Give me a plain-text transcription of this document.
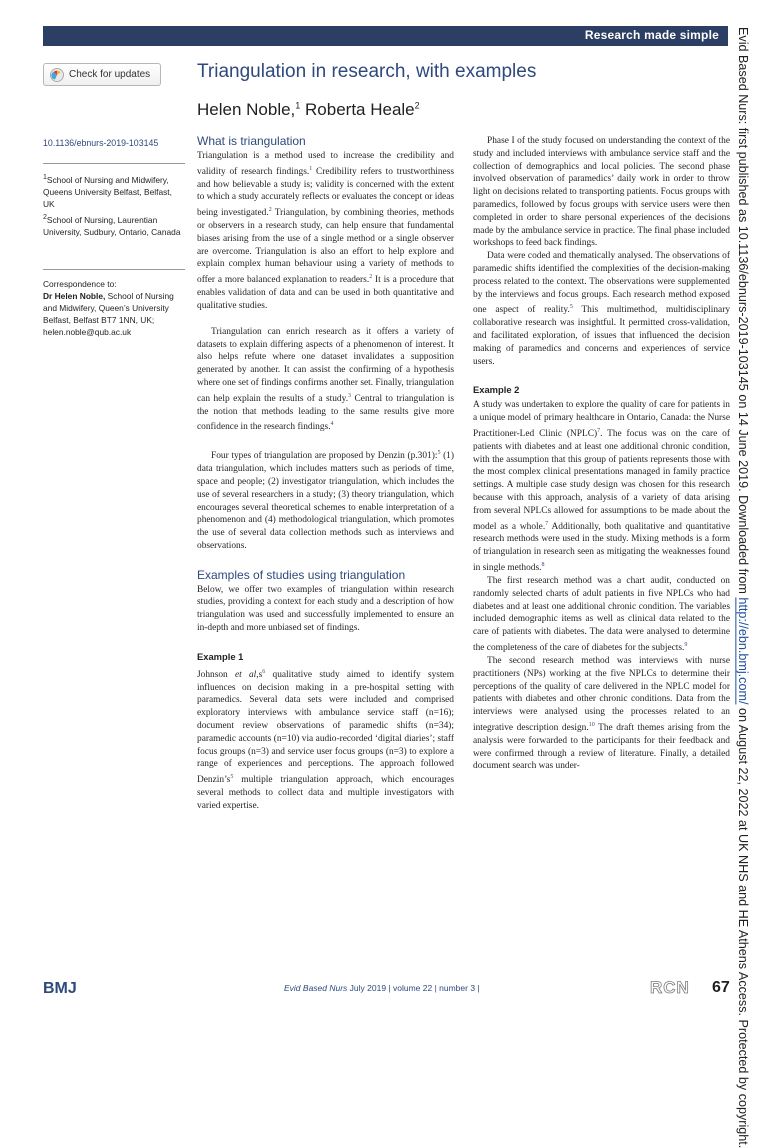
Research made simple
Check for updates Triangulation in research, with examples
Helen Noble,$^1$ Roberta Heale$^2$
10.1136/ebnurs-2019-103145

$^1$School of Nursing and Midwifery, Queens University Belfast, Belfast, UK

$^2$School of Nursing, Laurentian University, Sudbury, Ontario, Canada

Correspondence to:
Dr Helen Noble, School of Nursing and Midwifery, Queen’s University Belfast, Belfast BT7 1NN, UK; helen.noble@qub.ac.uk
What is triangulation

Triangulation is a method used to increase the credibility and validity of research findings.$^1$ Credibility refers to trustworthiness and how believable a study is; validity is concerned with the extent to which a study accurately reflects or evaluates the concept or ideas being investigated.$^2$ Triangulation, by combining theories, methods or observers in a research study, can help ensure that fundamental biases arising from the use of a single method or a single observer are overcome. Triangulation is also an effort to help explore and explain complex human behaviour using a variety of methods to offer a more balanced explanation to readers.$^2$ It is a procedure that enables validation of data and can be used in both quantitative and qualitative studies.

Triangulation can enrich research as it offers a variety of datasets to explain differing aspects of a phenomenon of interest. It also helps refute where one dataset invalidates a supposition generated by another. It can assist the confirming of a hypothesis where one set of findings confirms another set. Finally, triangulation can help explain the results of a study.$^3$ Central to triangulation is the notion that methods leading to the same results give more confidence in the research findings.$^4$

Four types of triangulation are proposed by Denzin (p.301):$^5$ (1) data triangulation, which includes matters such as periods of time, space and people; (2) investigator triangulation, which includes the use of several researchers in a study; (3) theory triangulation, which encourages several theoretical schemes to enable interpretation of a phenomenon and (4) methodological triangulation, which promotes the use of several data collection methods such as interviews and observations.

Examples of studies using triangulation

Below, we offer two examples of triangulation within research studies, providing a context for each study and a description of how triangulation was used and successfully implemented to ensure an in-depth and more unbiased set of findings.

Example 1

Johnson et $al,s^6$ qualitative study aimed to identify system influences on decision making in a pre-hospital setting with paramedics. Several data sets were included and comprised exploratory interviews with ambulance service staff (n=16); document review observations of paramedic shifts (n=34); paramedic accounts (n=10) via audio-recorded ‘digital diaries’; staff focus groups (n=3) and service user focus groups (n=3) to explore a range of experiences and perceptions. The approach followed $Denzin’s^5$ multiple triangulation approach, which encourages several methods to collect data and multiple investigators with varied expertise.

Phase I of the study focused on understanding the context of the study and included interviews with ambulance service staff and the collection of demographics and local policies. The second phase involved observation of paramedics’ daily work in order to throw light on decisions related to transporting patients. Focus groups with paramedics, followed by focus groups with service users were then completed in order to share personal experiences of the decisions made by the ambulance service in practice. The final phase included workshops to feed back findings.

Data were coded and thematically analysed. The observations of paramedic shifts identified the complexities of the decision-making process related to the context. The observations were supplemented by the interviews and focus groups. Each research method exposed one aspect of reality.$^5$ This multimethod, multidisciplinary collaborative research was insightful. It permitted cross-validation, and facilitated exploration, of issues that influenced the decision making of paramedics and concerns and experiences of service users.

Example 2

A study was undertaken to explore the quality of care for patients in a unique model of primary healthcare in Ontario, Canada: the Nurse Practitioner-Led Clinic (NPLC)$^7$. The focus was on the care of patients with diabetes and at least one additional chronic condition, with the assumption that this group of patients represents those with the most complex clinical presentations managed in family practice settings. A multiple case study design was chosen for this research because with this approach, analysis of a variety of data arising from several NPLCs allowed for assumptions to be made about the model as a whole.$^7$ Additionally, both qualitative and quantitative research methods were used in the study. Mixing methods is a form of triangulation in research seen as mitigating the weaknesses found in single methods.$^8$

The first research method was a chart audit, conducted on randomly selected charts of adult patients in five NPLCs who had diabetes and at least one additional chronic condition. The variables included demographic items as well as clinical data related to the care of patients with diabetes. The data were analysed to determine the completeness of the care of diabetes for the subjects.$^9$

The second research method was interviews with nurse practitioners (NPs) working at the five NPLCs to determine their perceptions of the quality of care delivered in the NPLC model for patients with diabetes and other chronic conditions. Data from the interviews were analysed using the processes related to an integrative description design.$^{10}$ The draft themes arising from the analysis were forwarded to the participants for their feedback and were confirmed through a review of literature. Finally, a detailed document search was under-

Evid Based Nurs: first published as 10.1136/ebnurs-2019-103145 on 14 June 2019. Downloaded from http://ebn.bmj.com/ on August 22, 2022 at UK NHS and HE Athens Access. Protected by copyright.
BMJ	Evid Based Nurs July 2019 | volume 22 | number 3 |	RCN 67
